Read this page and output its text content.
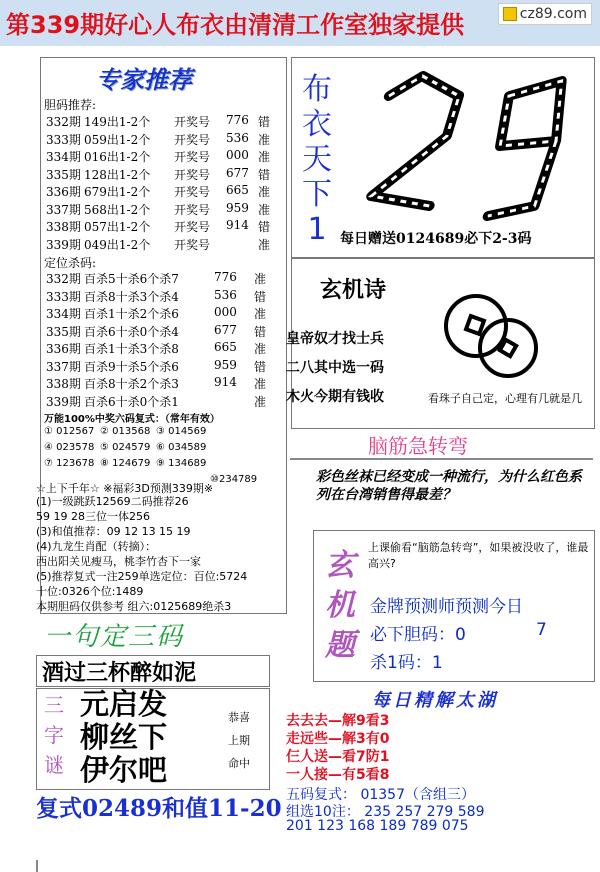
第339期好心人布衣由清清工作室独家提供	cz89.com
专家推荐
胆码推荐:
332期 149出1-2个 开奖号 776 错
333期 059出1-2个 开奖号 536 准
334期 016出1-2个 开奖号 000 准
335期 128出1-2个 开奖号 677 错
336期 679出1-2个 开奖号 665 准
337期 568出1-2个 开奖号 959 准
338期 057出1-2个 开奖号 914 错
339期 049出1-2个 开奖号	准
定位杀码:
332期 百杀5十杀6个杀7	776 准
333期 百杀8十杀3个杀4	536 错
334期 百杀1十杀2个杀6	000 准
335期 百杀6十杀0个杀4	677 错
336期 百杀1十杀3个杀8	665 准
337期 百杀9十杀5个杀6	959 错
338期 百杀8十杀2个杀3	914 准
339期 百杀6十杀0个杀1	准
万能100%中奖六码复式：（常年有效）
① 012567 ② 013568 ③ 014569
④ 023578 ⑤ 024579 ⑥ 034589
⑦ 123678 ⑧ 124679 ⑨ 134689
⑩234789
☆上下千年☆ ※福彩3D预测339期※
(1)一级跳跃12569二码推荐26
59 19 28三位一体256
(3)和值推荐：09 12 13 15 19
(4)九龙生肖配（转摘）：
西出阳关见瘦马，桃李竹杏下一家
(5)推荐复式一注259单选定位：百位:5724
十位:0326个位:1489
本期胆码仅供参考 组六:0125689绝杀3
布
衣
天
下
1 每日赠送0124689必下2-3码
玄机诗
皇帝奴才找士兵
二八其中选一码
木火今期有钱收	看珠子自己定，心理有几就是几
脑筋急转弯
彩色丝袜已经变成一种流行，为什么红色系列在台湾销售得最差？
玄
机
题
上课偷看“脑筋急转弯”，如果被没收了，谁最高兴?
金牌预测师预测今日
必下胆码：0	7
杀1码：1
一句定三码
酒过三杯醉如泥
三
字
谜
元启发
柳丝下
伊尔吧
恭喜
上期
命中
复式02489和值11-20
每日精解太湖
去去去—解9看3
走远些—解3有0
仨人送—看7防1
一人接—有5看8
五码复式： 01357（含组三）
组选10注： 235 257 279 589
201 123 168 189 789 075
